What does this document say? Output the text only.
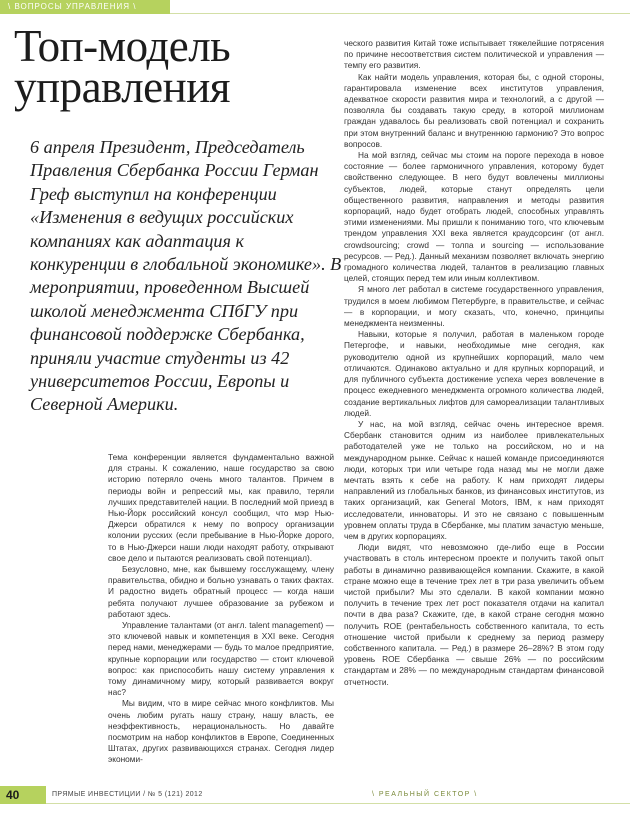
\ ВОПРОСЫ УПРАВЛЕНИЯ \
Топ-модель управления

6 апреля Президент, Председатель Правления Сбербанка России Герман Греф выступил на конференции «Изменения в ведущих российских компаниях как адаптация к конкуренции в глобальной экономике». В мероприятии, проведенном Высшей школой менеджмента СПбГУ при финансовой поддержке Сбербанка, приняли участие студенты из 42 университетов России, Европы и Северной Америки.

Тема конференции является фундаментально важной для страны. К сожалению, наше государство за свою историю потеряло очень много талантов. Причем в периоды войн и репрессий мы, как правило, теряли лучших представителей нации. В последний мой приезд в Нью-Йорк российский консул сообщил, что мэр Нью-Джерси обратился к нему по вопросу организации колонии русских (если пребывание в Нью-Йорке дорого, то в Нью-Джерси наши люди находят работу, открывают свое дело и пытаются реализовать свой потенциал).

Безусловно, мне, как бывшему госслужащему, члену правительства, обидно и больно узнавать о таких фактах. И радостно видеть обратный процесс — когда наши ребята получают лучшее образование за рубежом и работают здесь.

Управление талантами (от англ. talent management) — это ключевой навык и компетенция в XXI веке. Сегодня перед нами, менеджерами — будь то малое предприятие, крупные корпорации или государство — стоит ключевой вопрос: как приспособить нашу систему управления к тому динамичному миру, который развивается вокруг нас?

Мы видим, что в мире сейчас много конфликтов. Мы очень любим ругать нашу страну, нашу власть, ее неэффективность, нерациональность. Но давайте посмотрим на набор конфликтов в Европе, Соединенных Штатах, других развивающихся странах. Сегодня лидер экономи-

ческого развития Китай тоже испытывает тяжелейшие потрясения по причине несоответствия систем политической и управления — темпу его развития.

Как найти модель управления, которая бы, с одной стороны, гарантировала изменение всех институтов управления, адекватное скорости развития мира и технологий, а с другой — позволяла бы создавать такую среду, в которой миллионам граждан удавалось бы реализовать свой потенциал и сохранить при этом внутренний баланс и внутреннюю гармонию? Это вопрос вопросов.

На мой взгляд, сейчас мы стоим на пороге перехода в новое состояние — более гармоничного управления, которому будет свойственно следующее. В него будут вовлечены миллионы субъектов, людей, которые станут определять цели общественного развития, направления и методы развития корпораций, надо будет отобрать людей, способных управлять этими изменениями. Мы пришли к пониманию того, что ключевым трендом управления XXI века является краудсорсинг (от англ. crowdsourcing; crowd — толпа и sourcing — использование ресурсов. — Ред.). Данный механизм позволяет включать энергию громадного количества людей, талантов в реализацию главных целей, стоящих перед тем или иным коллективом.

Я много лет работал в системе государственного управления, трудился в моем любимом Петербурге, в правительстве, и сейчас — в корпорации, и могу сказать, что, конечно, принципы менеджмента неизменны.

Навыки, которые я получил, работая в маленьком городе Петергофе, и навыки, необходимые мне сегодня, как руководителю одной из крупнейших корпораций, мало чем отличаются. Одинаково актуально и для крупных корпораций, и для публичного субъекта достижение успеха через вовлечение в процесс ежедневного менеджмента огромного количества людей, создание вертикальных лифтов для самореализации талантливых людей.

У нас, на мой взгляд, сейчас очень интересное время. Сбербанк становится одним из наиболее привлекательных работодателей уже не только на российском, но и на международном рынке. Сейчас к нашей команде присоединяются люди, которых три или четыре года назад мы не могли даже мечтать взять к себе на работу. К нам приходят лидеры направлений из глобальных банков, из финансовых институтов, из таких организаций, как General Motors, IBM, к нам приходят исследователи, инноваторы. И это не связано с повышенным уровнем оплаты труда в Сбербанке, мы платим зачастую меньше, чем в других корпорациях.

Люди видят, что невозможно где-либо еще в России участвовать в столь интересном проекте и получить такой опыт работы в динамично развивающейся компании. Скажите, в какой стране можно еще в течение трех лет в три раза увеличить объем чистой прибыли? Мы это сделали. В какой компании можно получить в течение трех лет рост показателя отдачи на капитал почти в два раза? Скажите, где, в какой стране сегодня можно получить ROE (рентабельность собственного капитала, то есть отношение чистой прибыли к среднему за период размеру собственного капитала. — Ред.) в размере 26–28%? В этом году уровень ROE Сбербанка — свыше 26% — по российским стандартам и 28% — по международным стандартам финансовой отчетности.

40	ПРЯМЫЕ ИНВЕСТИЦИИ / № 5 (121) 2012	\ РЕАЛЬНЫЙ СЕКТОР \
